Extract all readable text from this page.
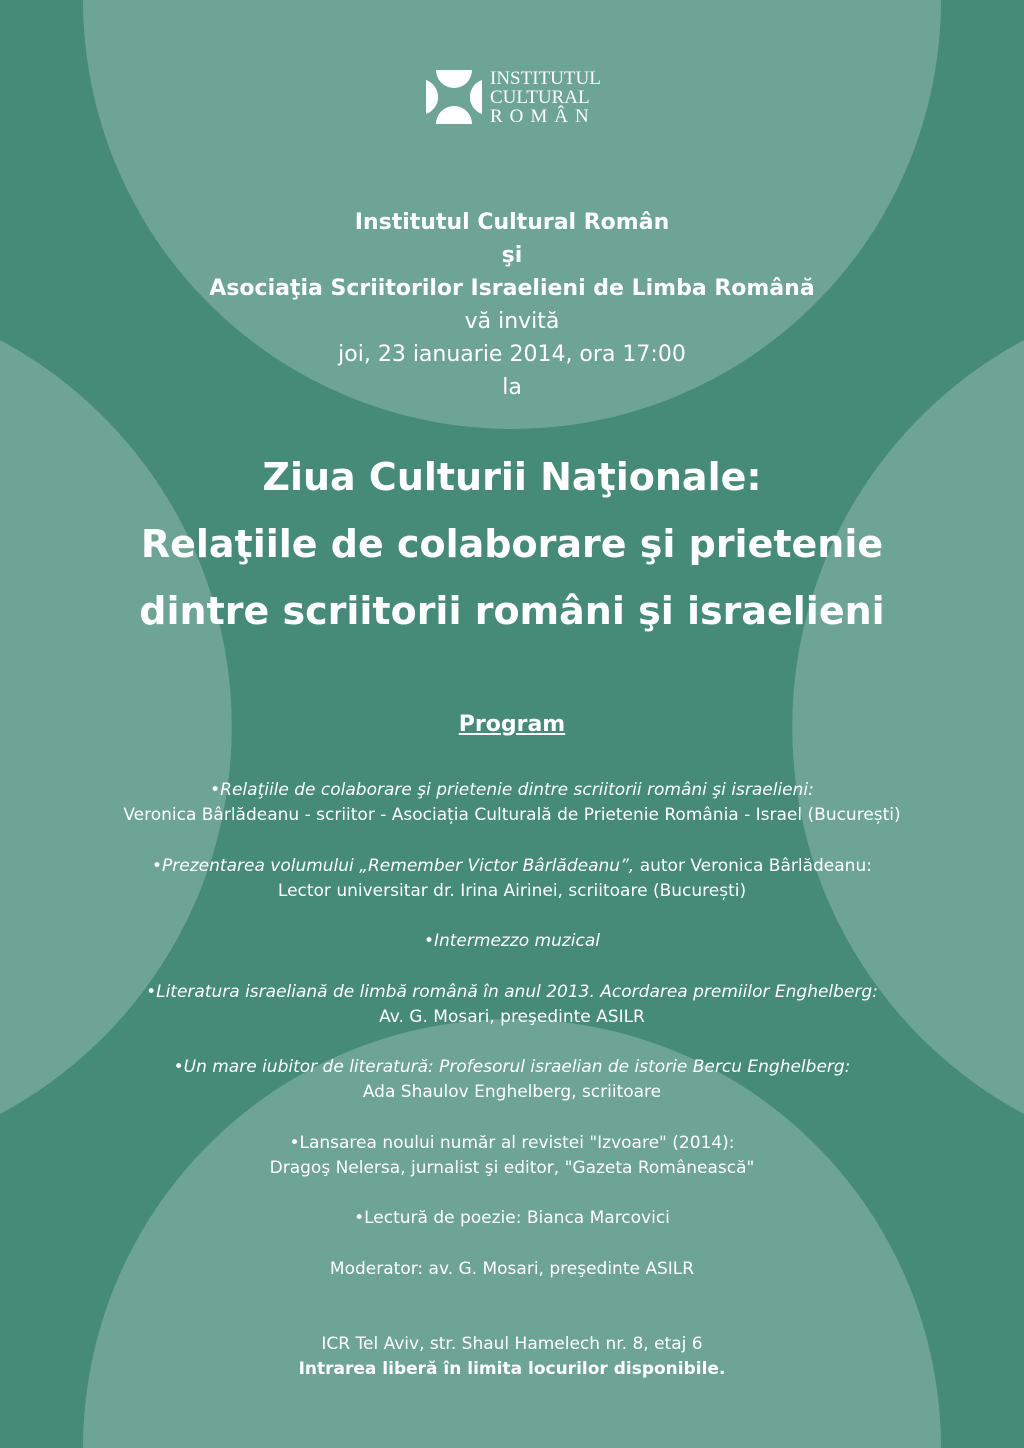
INSTITUTUL
CULTURAL
ROMÂN
Institutul Cultural Român
şi
Asociaţia Scriitorilor Israelieni de Limba Română
vă invită
joi, 23 ianuarie 2014, ora 17:00
la
Ziua Culturii Naţionale:
Relaţiile de colaborare şi prietenie
dintre scriitorii români şi israelieni
Program
•Relaţiile de colaborare şi prietenie dintre scriitorii români şi israelieni:
Veronica Bârlădeanu - scriitor - Asociația Culturală de Prietenie România - Israel (București)
•Prezentarea volumului „Remember Victor Bârlădeanu”, autor Veronica Bârlădeanu:
Lector universitar dr. Irina Airinei, scriitoare (București)
•Intermezzo muzical
•Literatura israeliană de limbă română în anul 2013. Acordarea premiilor Enghelberg:
Av. G. Mosari, preşedinte ASILR
•Un mare iubitor de literatură: Profesorul israelian de istorie Bercu Enghelberg:
Ada Shaulov Enghelberg, scriitoare
•Lansarea noului număr al revistei "Izvoare" (2014):
Dragoş Nelersa, jurnalist şi editor, "Gazeta Românească"
•Lectură de poezie: Bianca Marcovici
Moderator: av. G. Mosari, preşedinte ASILR
ICR Tel Aviv, str. Shaul Hamelech nr. 8, etaj 6
Intrarea liberă în limita locurilor disponibile.
